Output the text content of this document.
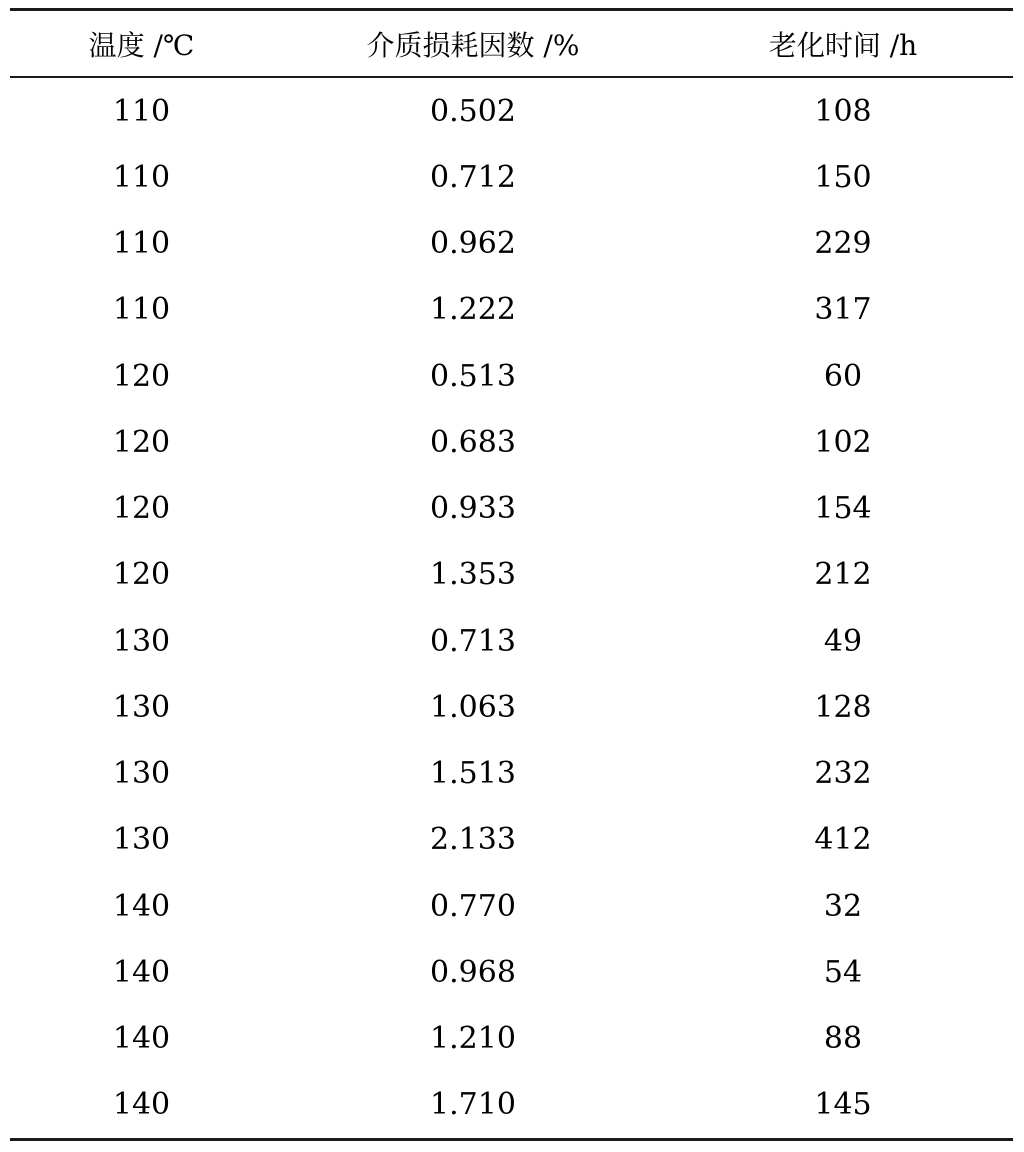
温度 /℃	介质损耗因数 /%	老化时间 /h
110	0.502	108
110	0.712	150
110	0.962	229
110	1.222	317
120	0.513	60
120	0.683	102
120	0.933	154
120	1.353	212
130	0.713	49
130	1.063	128
130	1.513	232
130	2.133	412
140	0.770	32
140	0.968	54
140	1.210	88
140	1.710	145
